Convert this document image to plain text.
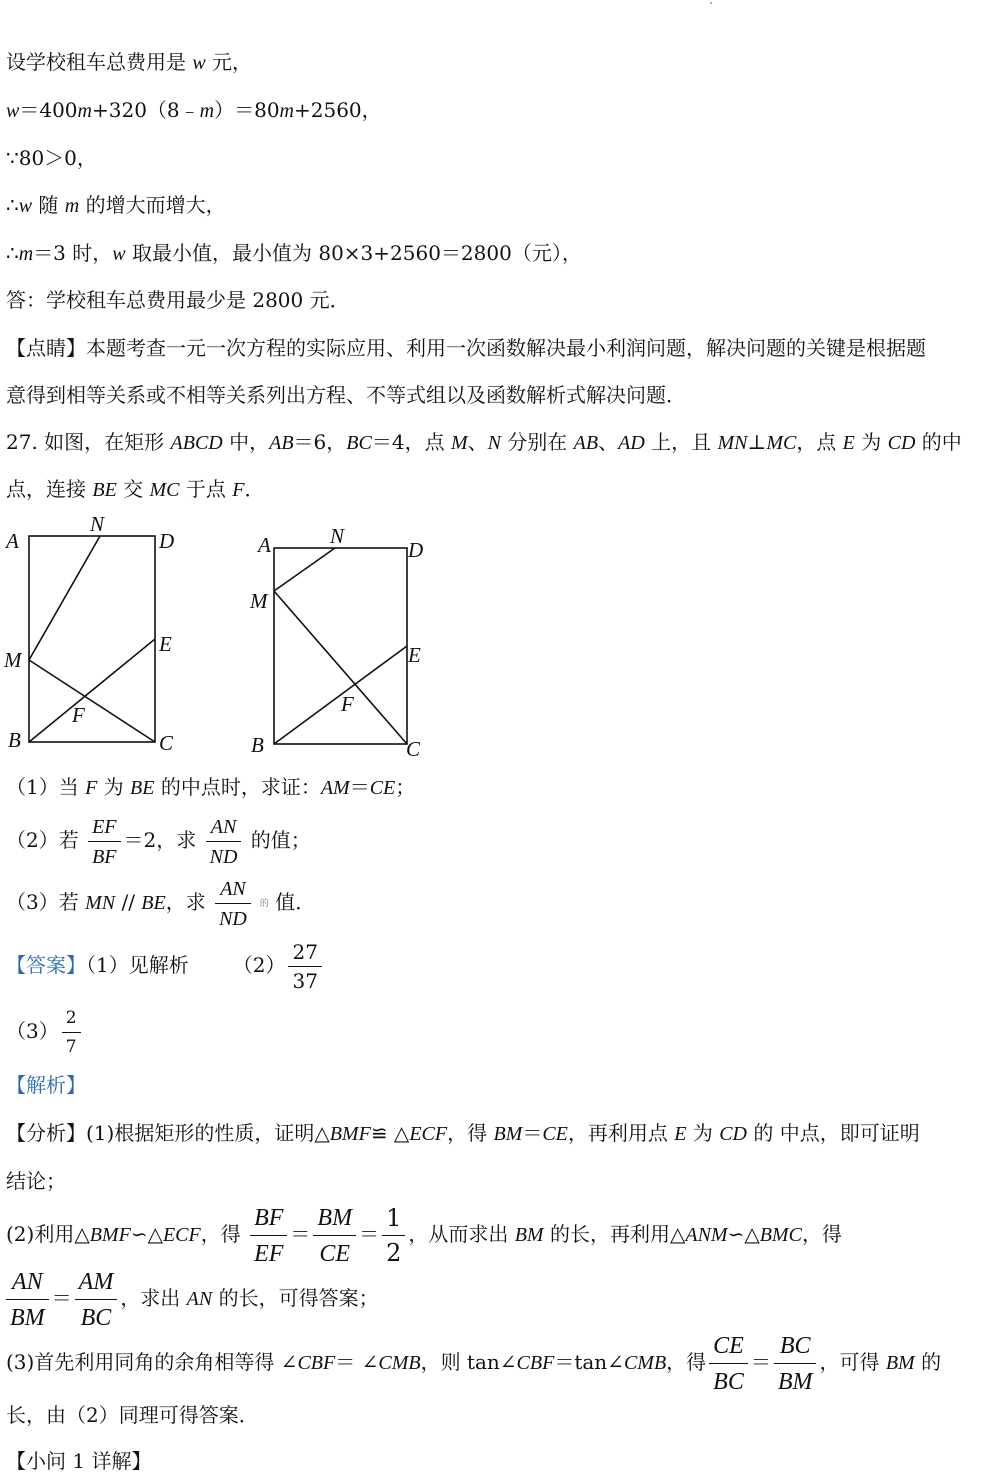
设学校租车总费用是 w 元，
w＝400m+320（8﹣m）＝80m+2560，
∵80＞0，
∴w 随 m 的增大而增大，
∴m＝3 时，w 取最小值，最小值为 80×3+2560＝2800（元），
答：学校租车总费用最少是 2800 元．
【点睛】本题考查一元一次方程的实际应用、利用一次函数解决最小利润问题，解决问题的关键是根据题
意得到相等关系或不相等关系列出方程、不等式组以及函数解析式解决问题．
27. 如图，在矩形 ABCD 中，AB＝6，BC＝4，点 M、N 分别在 AB、AD 上，且 MN⊥MC，点 E 为 CD 的中
点，连接 BE 交 MC 于点 F．
A
N
D
M
E
F
B	C
A	N
D
M
E
F
B	C
（1）当 F 为 BE 的中点时，求证：AM＝CE；
（2）若 $\frac{EF}{BF} =2$，求 $\frac{AN}{ND}$ 的值；
（3）若 MN // BE，求 $\frac{AN}{ND}$ 的 值．
【答案】（1）见解析 $(2) \frac{27}{37}$
$(3) \frac{2}{7}$
【解析】
【分析】(1)根据矩形的性质，证明△BMF≌ △ECF，得 BM＝CE，再利用点 E 为 CD 的 中点，即可证明
结论；
(2)利用△BMF∽△ECF，得 $\frac{BF}{EF} = \frac{BM}{CE} = \frac{1}{2}$ ，从而求出 BM 的长，再利用△ANM∽△BMC，得
$\frac{AN}{BM} = \frac{AM}{BC}$ ，求出 AN 的长，可得答案；
(3)首先利用同角的余角相等得 ∠CBF＝ ∠CMB，则 tan∠CBF＝tan∠CMB，得 $\frac{CE}{BC} = \frac{BC}{BM}$ ，可得 BM 的
长，由（2）同理可得答案．
【小问 1 详解】
